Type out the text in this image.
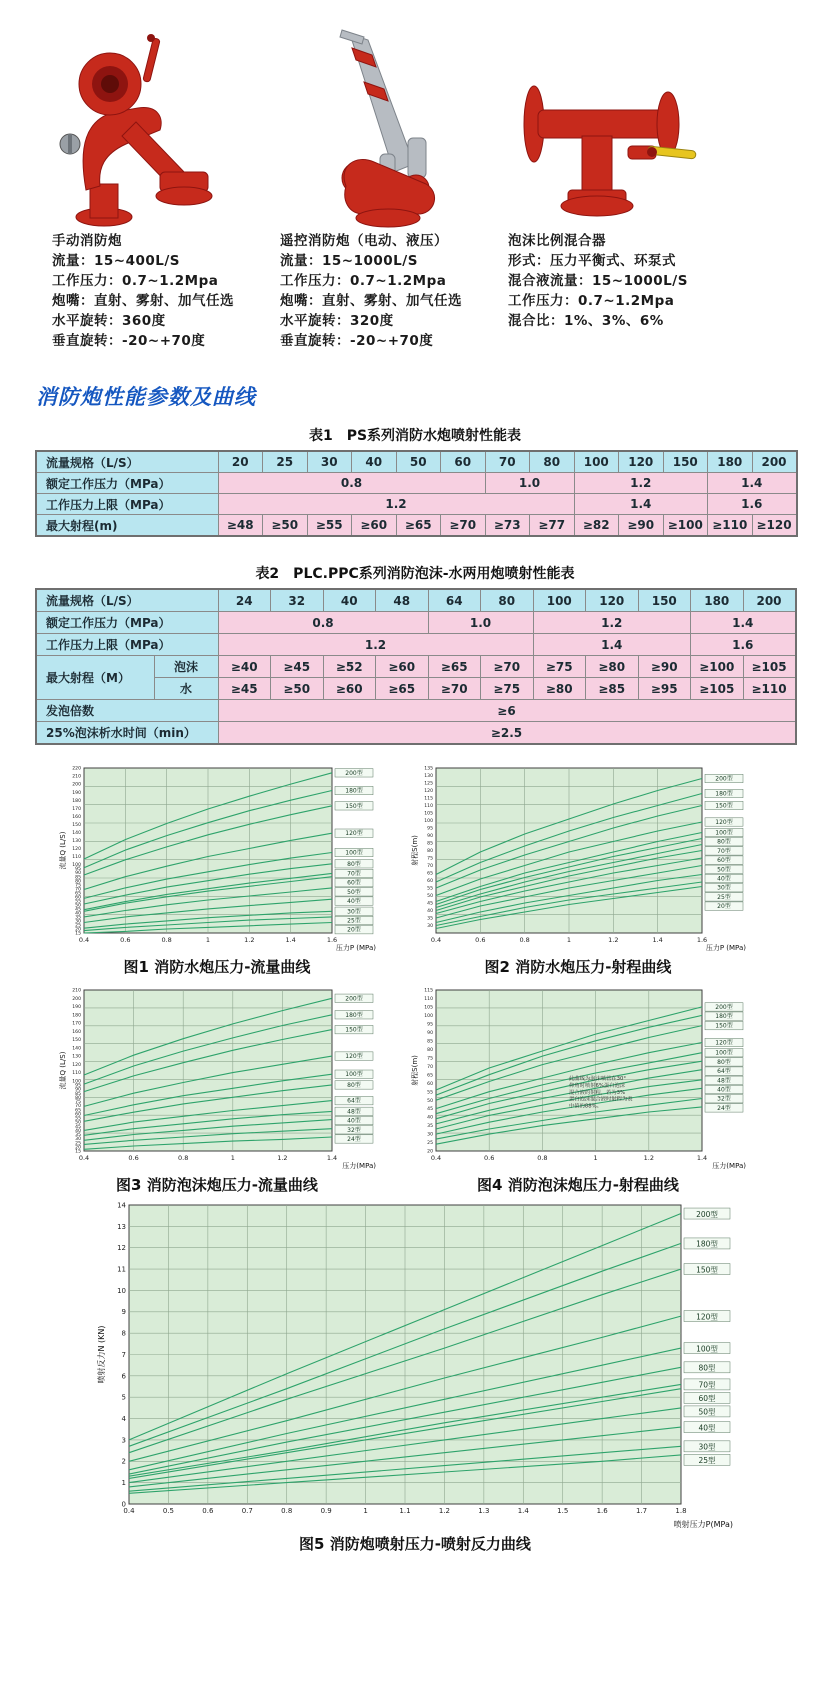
手动消防炮
流量：15~400L/S
工作压力：0.7~1.2Mpa
炮嘴：直射、雾射、加气任选
水平旋转：360度
垂直旋转：-20~+70度
遥控消防炮（电动、液压）
流量：15~1000L/S
工作压力：0.7~1.2Mpa
炮嘴：直射、雾射、加气任选
水平旋转：320度
垂直旋转：-20~+70度
泡沫比例混合器
形式：压力平衡式、环泵式
混合液流量：15~1000L/S
工作压力：0.7~1.2Mpa
混合比：1%、3%、6%
消防炮性能参数及曲线
表1　PS系列消防水炮喷射性能表
流量规格（L/S）	20	25	30	40	50	60	70	80	100	120	150	180	200
额定工作压力（MPa）	0.8						1.0		1.2			1.4	
工作压力上限（MPa）	1.2								1.4			1.6	
最大射程(m)	≥48	≥50	≥55	≥60	≥65	≥70	≥73	≥77	≥82	≥90	≥100	≥110	≥120
表2　PLC.PPC系列消防泡沫-水两用炮喷射性能表
流量规格（L/S）		24	32	40	48	64	80	100	120	150	180	200
额定工作压力（MPa）		0.8				1.0		1.2			1.4	
工作压力上限（MPa）		1.2						1.4			1.6	
最大射程（M）	泡沫	≥40	≥45	≥52	≥60	≥65	≥70	≥75	≥80	≥90	≥100	≥105
	水	≥45	≥50	≥60	≥65	≥70	≥75	≥80	≥85	≥95	≥105	≥110
发泡倍数		≥6										
25%泡沫析水时间（min）		≥2.5										
0.4	0.6	0.8	1	1.2	1.4	1.6
15
20
25
30
35
40
45
50
55
60
65
70
75
80
85
90
95
100
110
120
130
140
150
160
170
180
190
200
210
220
200型
180型
150型
120型
100型
80型
70型
60型
50型
40型
30型
25型
20型
流量Q (L/S)
压力P (MPa)
图1 消防水炮压力-流量曲线
0.4	0.6	0.8	1	1.2	1.4	1.6
30
35
40
45
50
55
60
65
70
75
80
85
90
95
100
105
110
115
120
125
130
135
200型
180型
150型
120型
100型
80型
70型
60型
50型
40型
30型
25型
20型
射程S(m)
压力P (MPa)
图2 消防水炮压力-射程曲线
0.4	0.6	0.8	1	1.2	1.4
15
20
25
30
35
40
45
50
55
60
65
70
75
80
85
90
95
100
110
120
130
140
150
160
170
180
190
200
210
200型
180型
150型
120型
100型
80型
64型
48型
40型
32型
24型
流量Q (L/S)
压力(MPa)
图3 消防泡沫炮压力-流量曲线
0.4	0.6	0.8	1	1.2	1.4
20
25
30
35
40
45
50
55
60
65
70
75
80
85
90
95
100
105
110
115
200型
180型
150型
120型
100型
80型
64型
48型
40型
32型
24型
射程S(m)
压力(MPa)
此曲线为泡沫喷管在30°
仰角时喷射6%蛋白泡沫
混合液的射程，若为3%
蛋白泡沫混合液时射程为表
中值的88%。
图4 消防泡沫炮压力-射程曲线
0.4	0.5	0.6	0.7	0.8	0.9	1	1.1	1.2	1.3	1.4	1.5	1.6	1.7	1.8
0
1
2
3
4
5
6
7
8
9
10
11
12
13
14
200型
180型
150型
120型
100型
80型
70型
60型
50型
40型
30型
25型
喷射反力N (KN)
喷射压力P(MPa)
图5 消防炮喷射压力-喷射反力曲线
